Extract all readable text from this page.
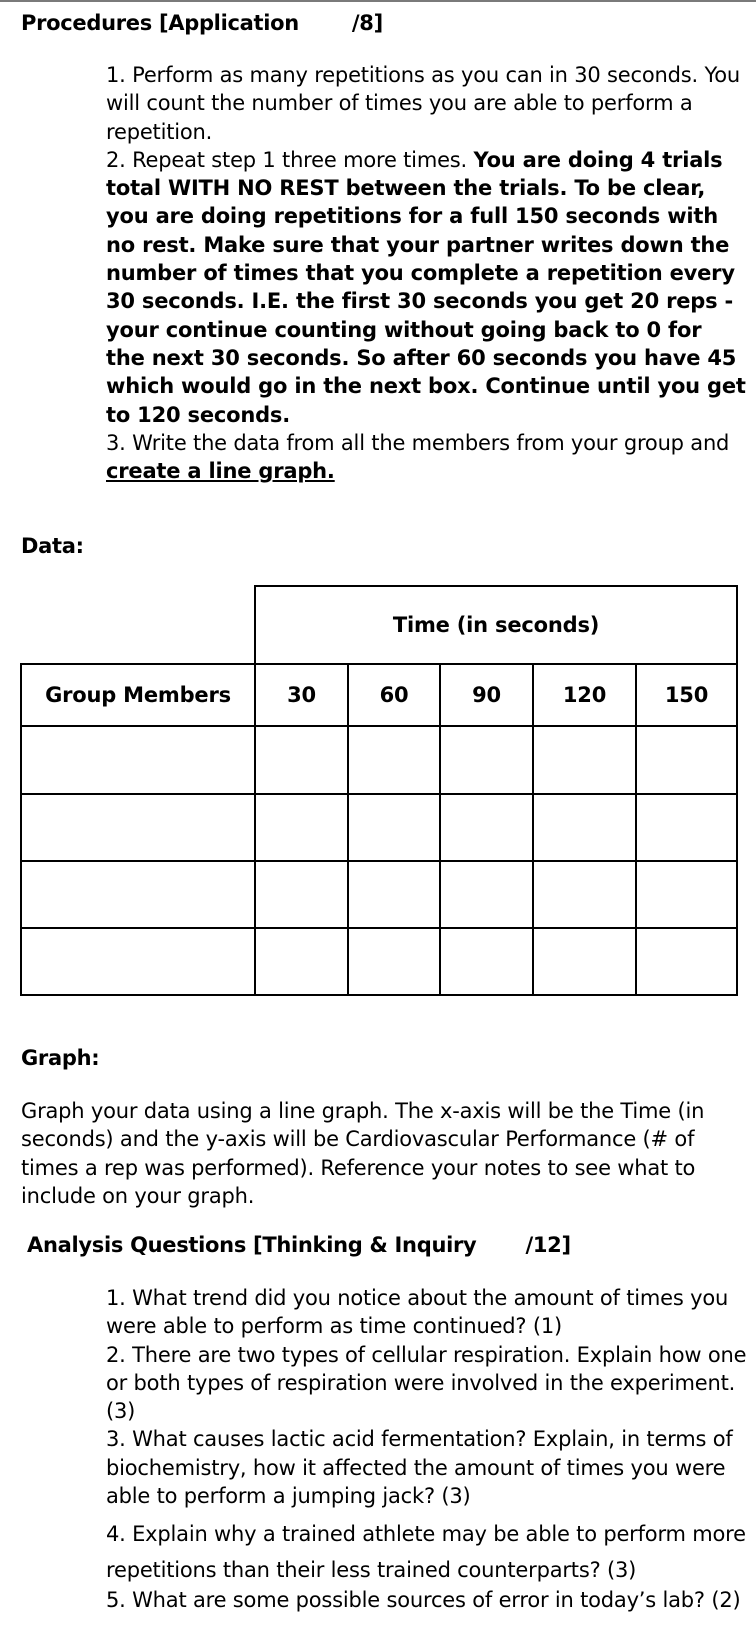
Procedures [Application	/8]

1. Perform as many repetitions as you can in 30 seconds. You will count the number of times you are able to perform a repetition.

2. Repeat step 1 three more times. You are doing 4 trials total WITH NO REST between the trials. To be clear, you are doing repetitions for a full 150 seconds with no rest. Make sure that your partner writes down the number of times that you complete a repetition every 30 seconds. I.E. the first 30 seconds you get 20 reps - your continue counting without going back to 0 for the next 30 seconds. So after 60 seconds you have 45 which would go in the next box. Continue until you get to 120 seconds.

3. Write the data from all the members from your group and create a line graph.

Data:
Time (in seconds)
Group Members	30	60	90	120	150
Graph:
Graph your data using a line graph. The x-axis will be the Time (in seconds) and the y-axis will be Cardiovascular Performance (# of times a rep was performed). Reference your notes to see what to include on your graph.
Analysis Questions [Thinking & Inquiry /12]

1. What trend did you notice about the amount of times you were able to perform as time continued? (1)

2. There are two types of cellular respiration. Explain how one or both types of respiration were involved in the experiment. (3)

3. What causes lactic acid fermentation? Explain, in terms of biochemistry, how it affected the amount of times you were able to perform a jumping jack? (3)

4. Explain why a trained athlete may be able to perform more repetitions than their less trained counterparts? (3)

5. What are some possible sources of error in today’s lab? (2)
